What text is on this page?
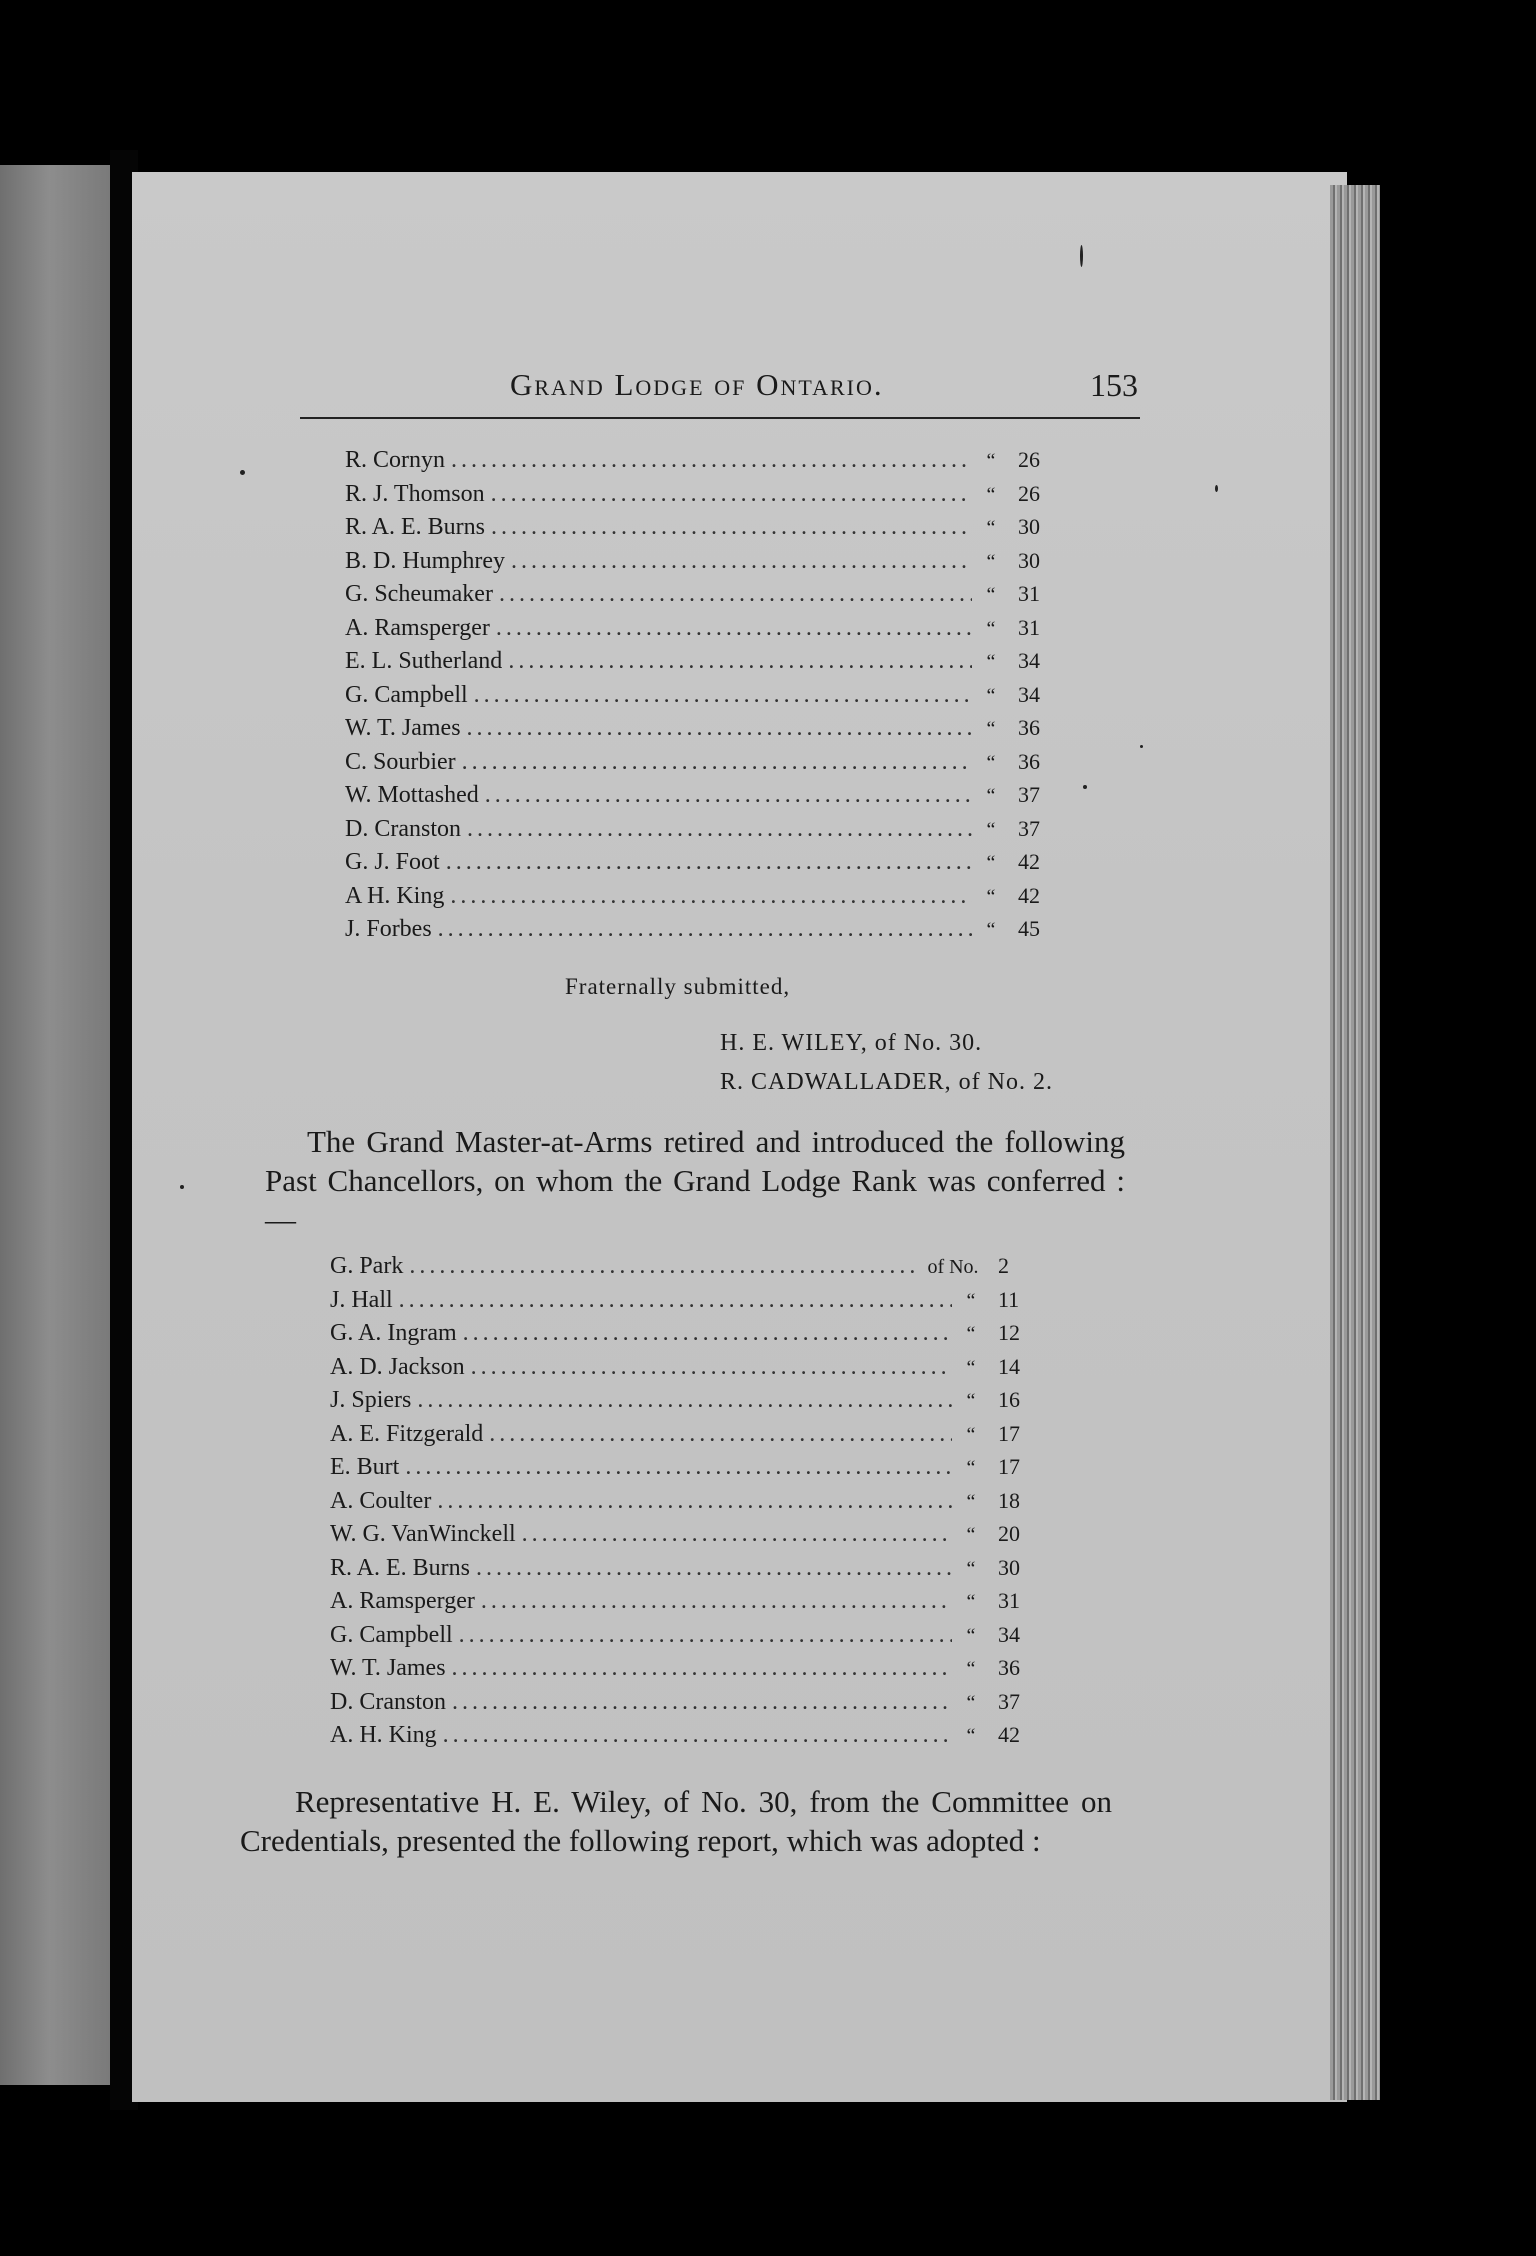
Grand Lodge of Ontario.	153
R. Cornyn .....	“	26
R. J. Thomson .....	“	26
R. A. E. Burns .....	“	30
B. D. Humphrey .....	“	30
G. Scheumaker .....	“	31
A. Ramsperger .....	“	31
E. L. Sutherland .....	“	34
G. Campbell .....	“	34
W. T. James .....	“	36
C. Sourbier .....	“	36
W. Mottashed .....	“	37
D. Cranston .....	“	37
G. J. Foot .....	“	42
A H. King .....	“	42
J. Forbes .....	“	45
Fraternally submitted,
H. E. WILEY, of No. 30.
R. CADWALLADER, of No. 2.

The Grand Master-at-Arms retired and introduced the following Past Chancellors, on whom the Grand Lodge Rank was conferred :—

G. Park .....	of No. 2
J. Hall .....	“	11
G. A. Ingram .....	“	12
A. D. Jackson .....	“	14
J. Spiers .....	“	16
A. E. Fitzgerald .....	“	17
E. Burt .....	“	17
A. Coulter .....	“	18
W. G. VanWinckell .....	“	20
R. A. E. Burns .....	“	30
A. Ramsperger .....	“	31
G. Campbell .....	“	34
W. T. James .....	“	36
D. Cranston .....	“	37
A. H. King .....	“	42

Representative H. E. Wiley, of No. 30, from the Committee on Credentials, presented the following report, which was adopted :
